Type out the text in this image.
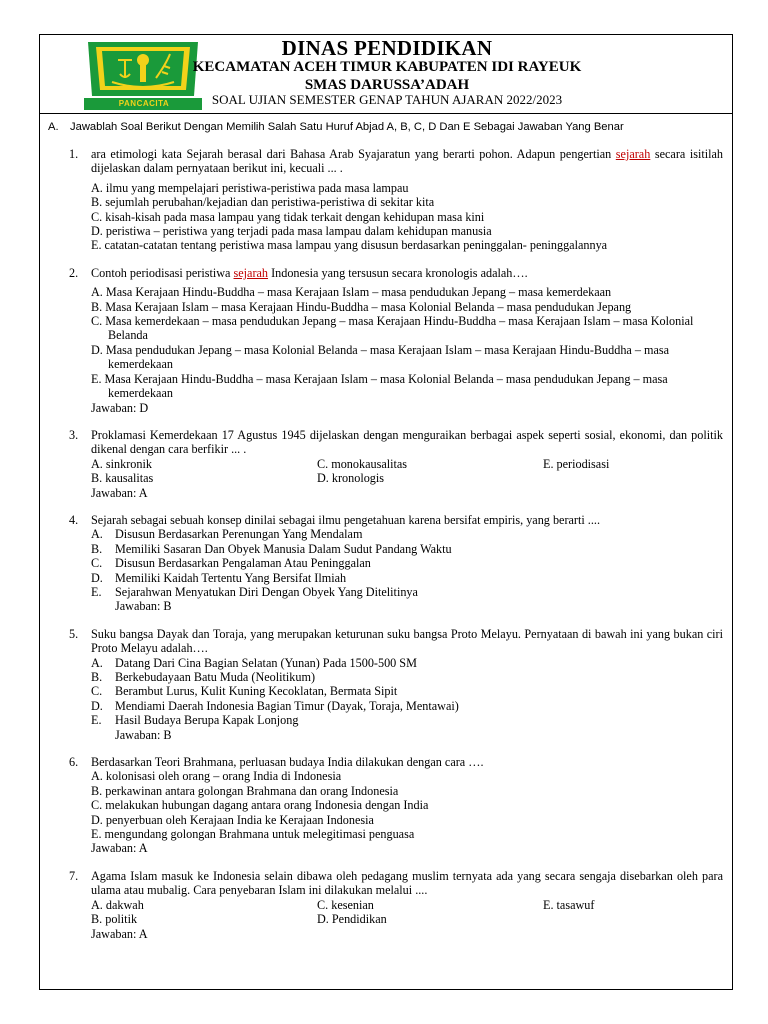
PANCACITA
DINAS PENDIDIKAN
KECAMATAN ACEH TIMUR KABUPATEN IDI RAYEUK
SMAS DARUSSA’ADAH
SOAL UJIAN SEMESTER GENAP TAHUN AJARAN 2022/2023
A. Jawablah Soal Berikut Dengan Memilih Salah Satu Huruf Abjad A, B, C, D Dan E Sebagai Jawaban Yang Benar
1. ara etimologi kata Sejarah berasal dari Bahasa Arab Syajaratun yang berarti pohon. Adapun pengertian sejarah secara isitilah dijelaskan dalam pernyataan berikut ini, kecuali ... .
A. ilmu yang mempelajari peristiwa-peristiwa pada masa lampau
B. sejumlah perubahan/kejadian dan peristiwa-peristiwa di sekitar kita
C. kisah-kisah pada masa lampau yang tidak terkait dengan kehidupan masa kini
D. peristiwa – peristiwa yang terjadi pada masa lampau dalam kehidupan manusia
E. catatan-catatan tentang peristiwa masa lampau yang disusun berdasarkan peninggalan- peninggalannya
2. Contoh periodisasi peristiwa sejarah Indonesia yang tersusun secara kronologis adalah….
A. Masa Kerajaan Hindu-Buddha – masa Kerajaan Islam – masa pendudukan Jepang – masa kemerdekaan
B. Masa Kerajaan Islam – masa Kerajaan Hindu-Buddha – masa Kolonial Belanda – masa pendudukan Jepang
C. Masa kemerdekaan – masa pendudukan Jepang – masa Kerajaan Hindu-Buddha – masa Kerajaan Islam – masa Kolonial Belanda
D. Masa pendudukan Jepang – masa Kolonial Belanda – masa Kerajaan Islam – masa Kerajaan Hindu-Buddha – masa kemerdekaan
E. Masa Kerajaan Hindu-Buddha – masa Kerajaan Islam – masa Kolonial Belanda – masa pendudukan Jepang – masa kemerdekaan
Jawaban: D
3. Proklamasi Kemerdekaan 17 Agustus 1945 dijelaskan dengan menguraikan berbagai aspek seperti sosial, ekonomi, dan politik dikenal dengan cara berfikir ... .
A. sinkronik	C. monokausalitas	E. periodisasi
B. kausalitas	D. kronologis
Jawaban: A
4. Sejarah sebagai sebuah konsep dinilai sebagai ilmu pengetahuan karena bersifat empiris, yang berarti ....
A. Disusun Berdasarkan Perenungan Yang Mendalam
B. Memiliki Sasaran Dan Obyek Manusia Dalam Sudut Pandang Waktu
C. Disusun Berdasarkan Pengalaman Atau Peninggalan
D. Memiliki Kaidah Tertentu Yang Bersifat Ilmiah
E. Sejarahwan Menyatukan Diri Dengan Obyek Yang Ditelitinya
Jawaban: B
5. Suku bangsa Dayak dan Toraja, yang merupakan keturunan suku bangsa Proto Melayu. Pernyataan di bawah ini yang bukan ciri Proto Melayu adalah….
A. Datang Dari Cina Bagian Selatan (Yunan) Pada 1500-500 SM
B. Berkebudayaan Batu Muda (Neolitikum)
C. Berambut Lurus, Kulit Kuning Kecoklatan, Bermata Sipit
D. Mendiami Daerah Indonesia Bagian Timur (Dayak, Toraja, Mentawai)
E. Hasil Budaya Berupa Kapak Lonjong
Jawaban: B
6. Berdasarkan Teori Brahmana, perluasan budaya India dilakukan dengan cara ….
A. kolonisasi oleh orang – orang India di Indonesia
B. perkawinan antara golongan Brahmana dan orang Indonesia
C. melakukan hubungan dagang antara orang Indonesia dengan India
D. penyerbuan oleh Kerajaan India ke Kerajaan Indonesia
E. mengundang golongan Brahmana untuk melegitimasi penguasa
Jawaban: A
7. Agama Islam masuk ke Indonesia selain dibawa oleh pedagang muslim ternyata ada yang secara sengaja disebarkan oleh para ulama atau mubalig. Cara penyebaran Islam ini dilakukan melalui ....
A. dakwah	C. kesenian	E. tasawuf
B. politik	D. Pendidikan
Jawaban: A
